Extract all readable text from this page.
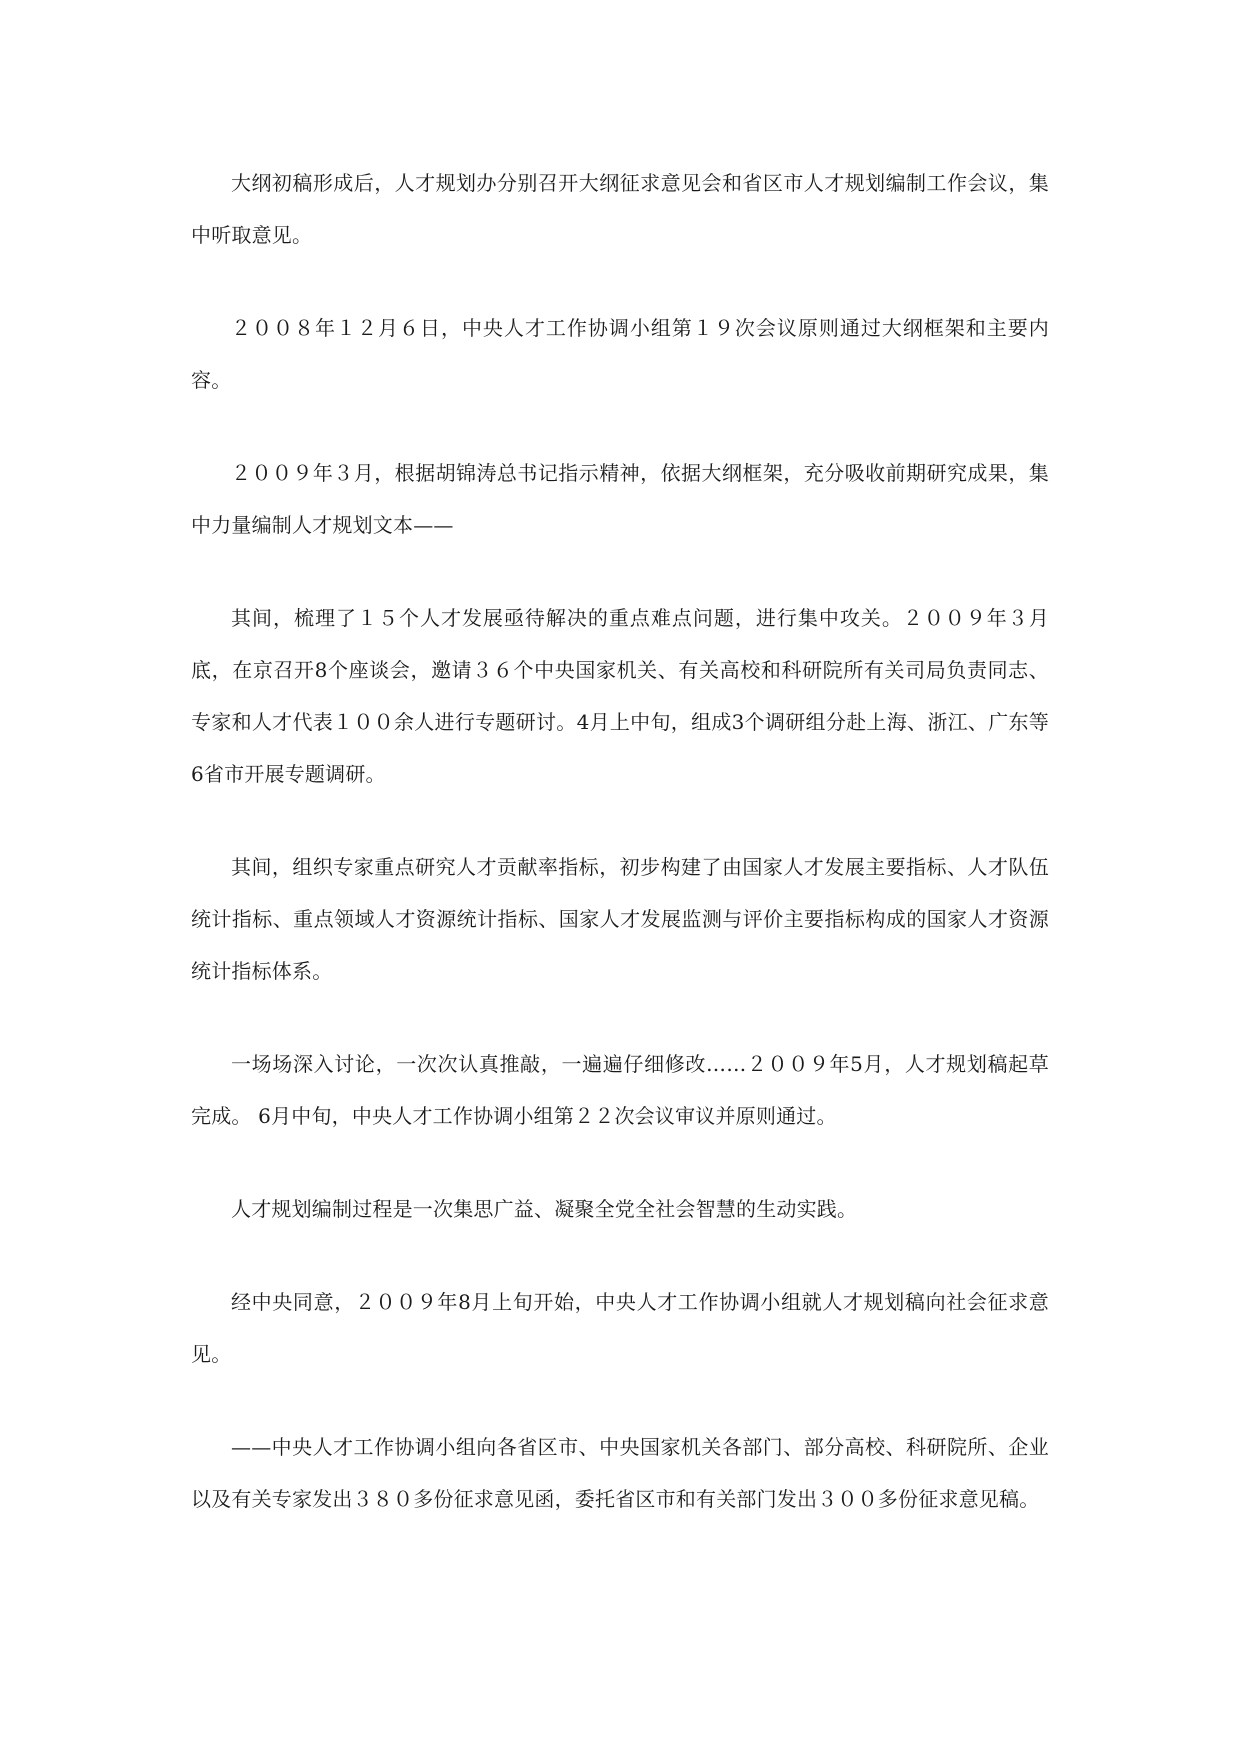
大纲初稿形成后，人才规划办分别召开大纲征求意见会和省区市人才规划编制工作会议，集中听取意见。

２００８年１２月６日，中央人才工作协调小组第１９次会议原则通过大纲框架和主要内容。

２００９年３月，根据胡锦涛总书记指示精神，依据大纲框架，充分吸收前期研究成果，集中力量编制人才规划文本——

其间，梳理了１５个人才发展亟待解决的重点难点问题，进行集中攻关。２００９年３月底，在京召开8个座谈会，邀请３６个中央国家机关、有关高校和科研院所有关司局负责同志、专家和人才代表１００余人进行专题研讨。4月上中旬，组成3个调研组分赴上海、浙江、广东等6省市开展专题调研。

其间，组织专家重点研究人才贡献率指标，初步构建了由国家人才发展主要指标、人才队伍统计指标、重点领域人才资源统计指标、国家人才发展监测与评价主要指标构成的国家人才资源统计指标体系。

一场场深入讨论，一次次认真推敲，一遍遍仔细修改……２００９年5月，人才规划稿起草完成。 6月中旬，中央人才工作协调小组第２２次会议审议并原则通过。

人才规划编制过程是一次集思广益、凝聚全党全社会智慧的生动实践。

经中央同意，２００９年8月上旬开始，中央人才工作协调小组就人才规划稿向社会征求意见。

——中央人才工作协调小组向各省区市、中央国家机关各部门、部分高校、科研院所、企业以及有关专家发出３８０多份征求意见函，委托省区市和有关部门发出３００多份征求意见稿。
